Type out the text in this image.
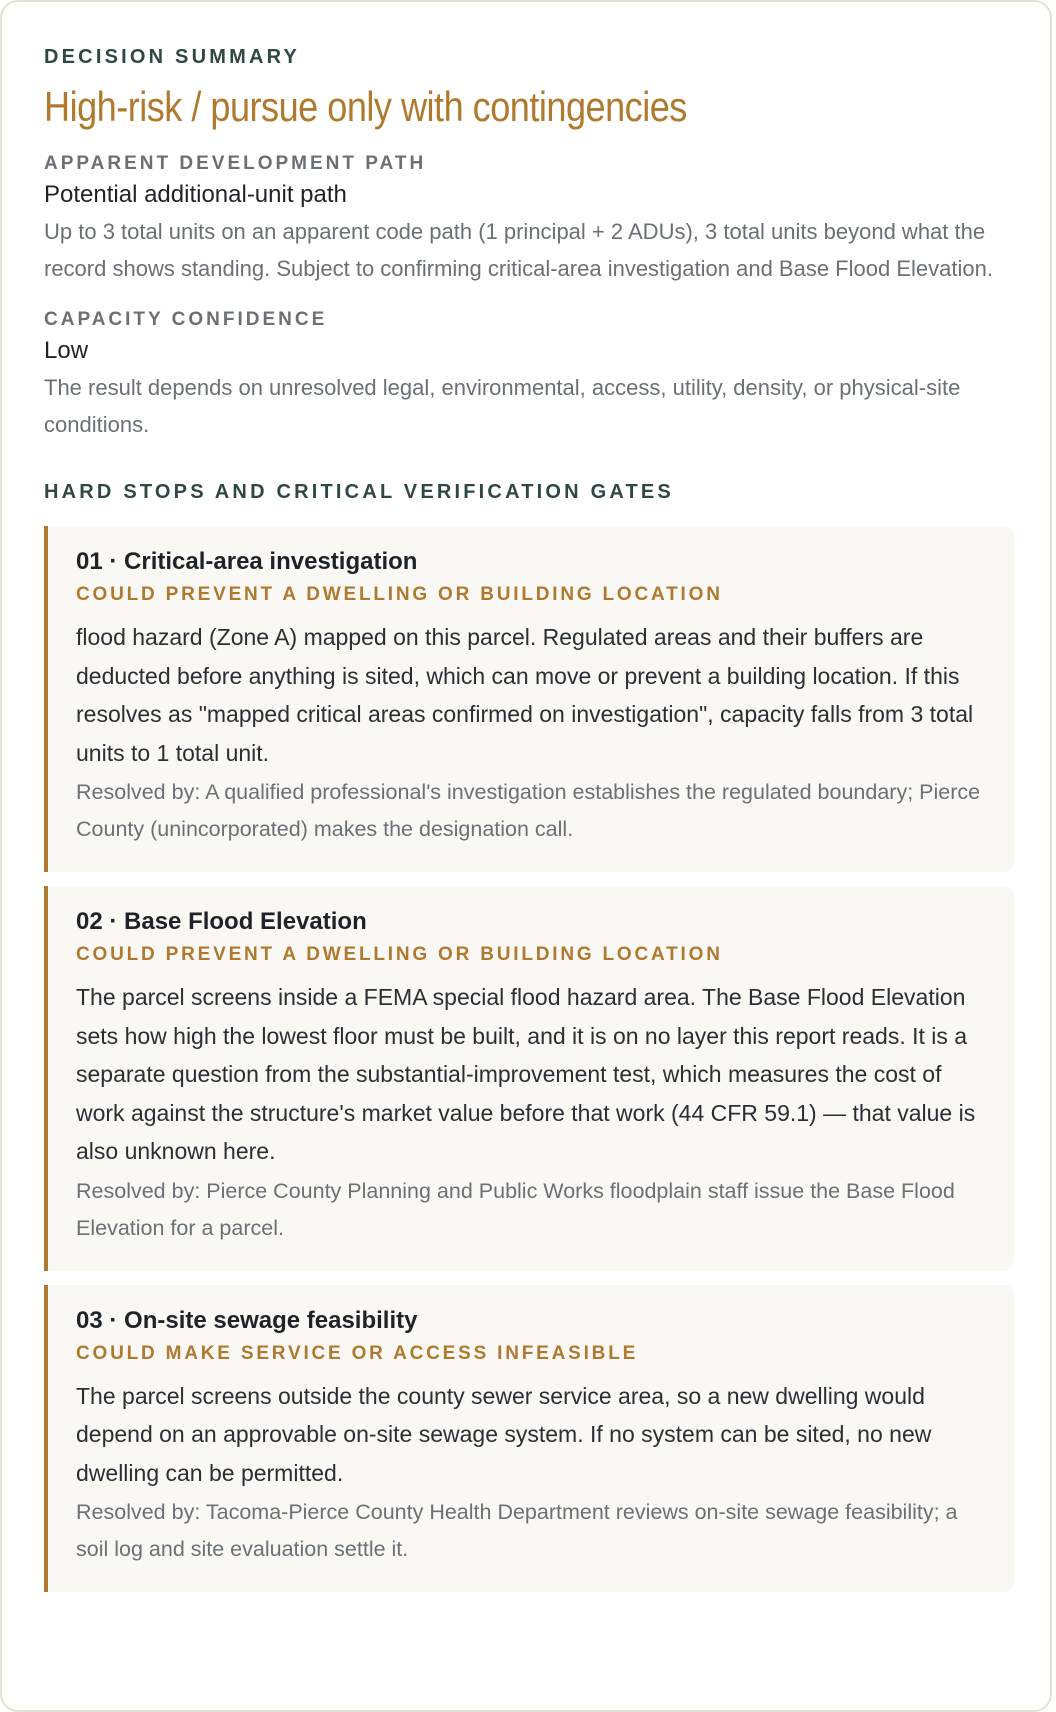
DECISION SUMMARY

High-risk / pursue only with contingencies

APPARENT DEVELOPMENT PATH

Potential additional-unit path

Up to 3 total units on an apparent code path (1 principal + 2 ADUs), 3 total units beyond what the record shows standing. Subject to confirming critical-area investigation and Base Flood Elevation.

CAPACITY CONFIDENCE

Low

The result depends on unresolved legal, environmental, access, utility, density, or physical-site conditions.

HARD STOPS AND CRITICAL VERIFICATION GATES

01 · Critical-area investigation

COULD PREVENT A DWELLING OR BUILDING LOCATION

flood hazard (Zone A) mapped on this parcel. Regulated areas and their buffers are deducted before anything is sited, which can move or prevent a building location. If this resolves as "mapped critical areas confirmed on investigation", capacity falls from 3 total units to 1 total unit.

Resolved by: A qualified professional's investigation establishes the regulated boundary; Pierce County (unincorporated) makes the designation call.

02 · Base Flood Elevation

COULD PREVENT A DWELLING OR BUILDING LOCATION

The parcel screens inside a FEMA special flood hazard area. The Base Flood Elevation sets how high the lowest floor must be built, and it is on no layer this report reads. It is a separate question from the substantial-improvement test, which measures the cost of work against the structure's market value before that work (44 CFR 59.1) — that value is also unknown here.

Resolved by: Pierce County Planning and Public Works floodplain staff issue the Base Flood Elevation for a parcel.

03 · On-site sewage feasibility

COULD MAKE SERVICE OR ACCESS INFEASIBLE

The parcel screens outside the county sewer service area, so a new dwelling would depend on an approvable on-site sewage system. If no system can be sited, no new dwelling can be permitted.

Resolved by: Tacoma-Pierce County Health Department reviews on-site sewage feasibility; a soil log and site evaluation settle it.
